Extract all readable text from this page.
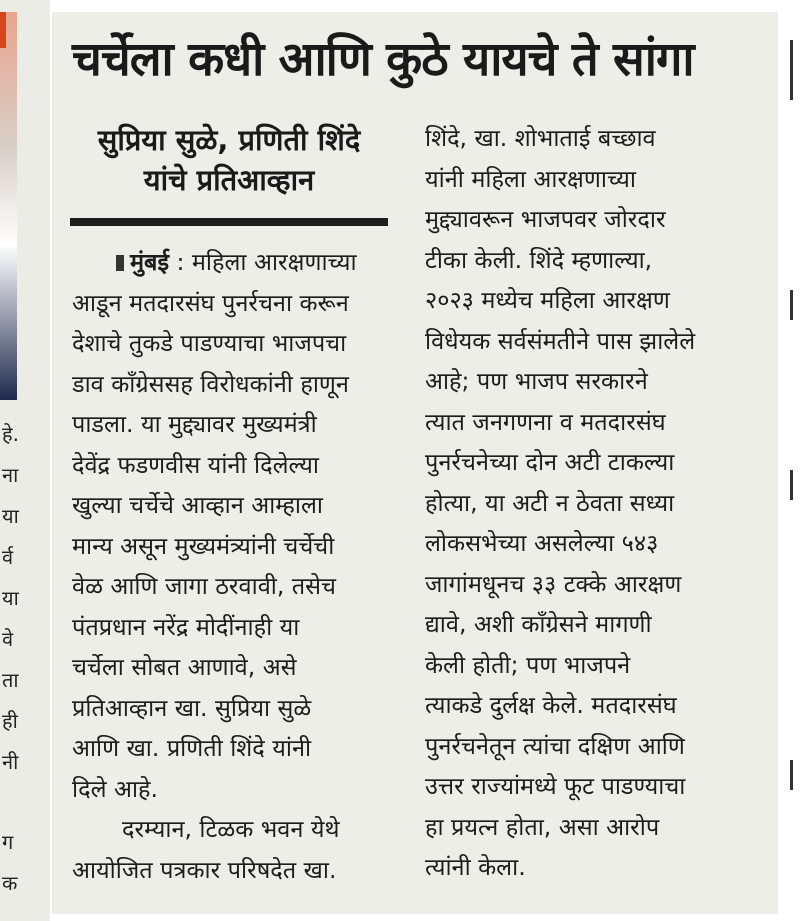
हे.
ना
या
र्व
या
वे
ता
ही
नी
ग
क
चर्चेला कधी आणि कुठे यायचे ते सांगा
सुप्रिया सुळे, प्रणिती शिंदे
यांचे प्रतिआव्हान
मुंबई : महिला आरक्षणाच्या
आडून मतदारसंघ पुनर्रचना करून
देशाचे तुकडे पाडण्याचा भाजपचा
डाव काँग्रेससह विरोधकांनी हाणून
पाडला. या मुद्द्यावर मुख्यमंत्री
देवेंद्र फडणवीस यांनी दिलेल्या
खुल्या चर्चेचे आव्हान आम्हाला
मान्य असून मुख्यमंत्र्यांनी चर्चेची
वेळ आणि जागा ठरवावी, तसेच
पंतप्रधान नरेंद्र मोदींनाही या
चर्चेला सोबत आणावे, असे
प्रतिआव्हान खा. सुप्रिया सुळे
आणि खा. प्रणिती शिंदे यांनी
दिले आहे.
दरम्यान, टिळक भवन येथे
आयोजित पत्रकार परिषदेत खा.
शिंदे, खा. शोभाताई बच्छाव
यांनी महिला आरक्षणाच्या
मुद्द्यावरून भाजपवर जोरदार
टीका केली. शिंदे म्हणाल्या,
२०२३ मध्येच महिला आरक्षण
विधेयक सर्वसंमतीने पास झालेले
आहे; पण भाजप सरकारने
त्यात जनगणना व मतदारसंघ
पुनर्रचनेच्या दोन अटी टाकल्या
होत्या, या अटी न ठेवता सध्या
लोकसभेच्या असलेल्या ५४३
जागांमधूनच ३३ टक्के आरक्षण
द्यावे, अशी काँग्रेसने मागणी
केली होती; पण भाजपने
त्याकडे दुर्लक्ष केले. मतदारसंघ
पुनर्रचनेतून त्यांचा दक्षिण आणि
उत्तर राज्यांमध्ये फूट पाडण्याचा
हा प्रयत्न होता, असा आरोप
त्यांनी केला.
